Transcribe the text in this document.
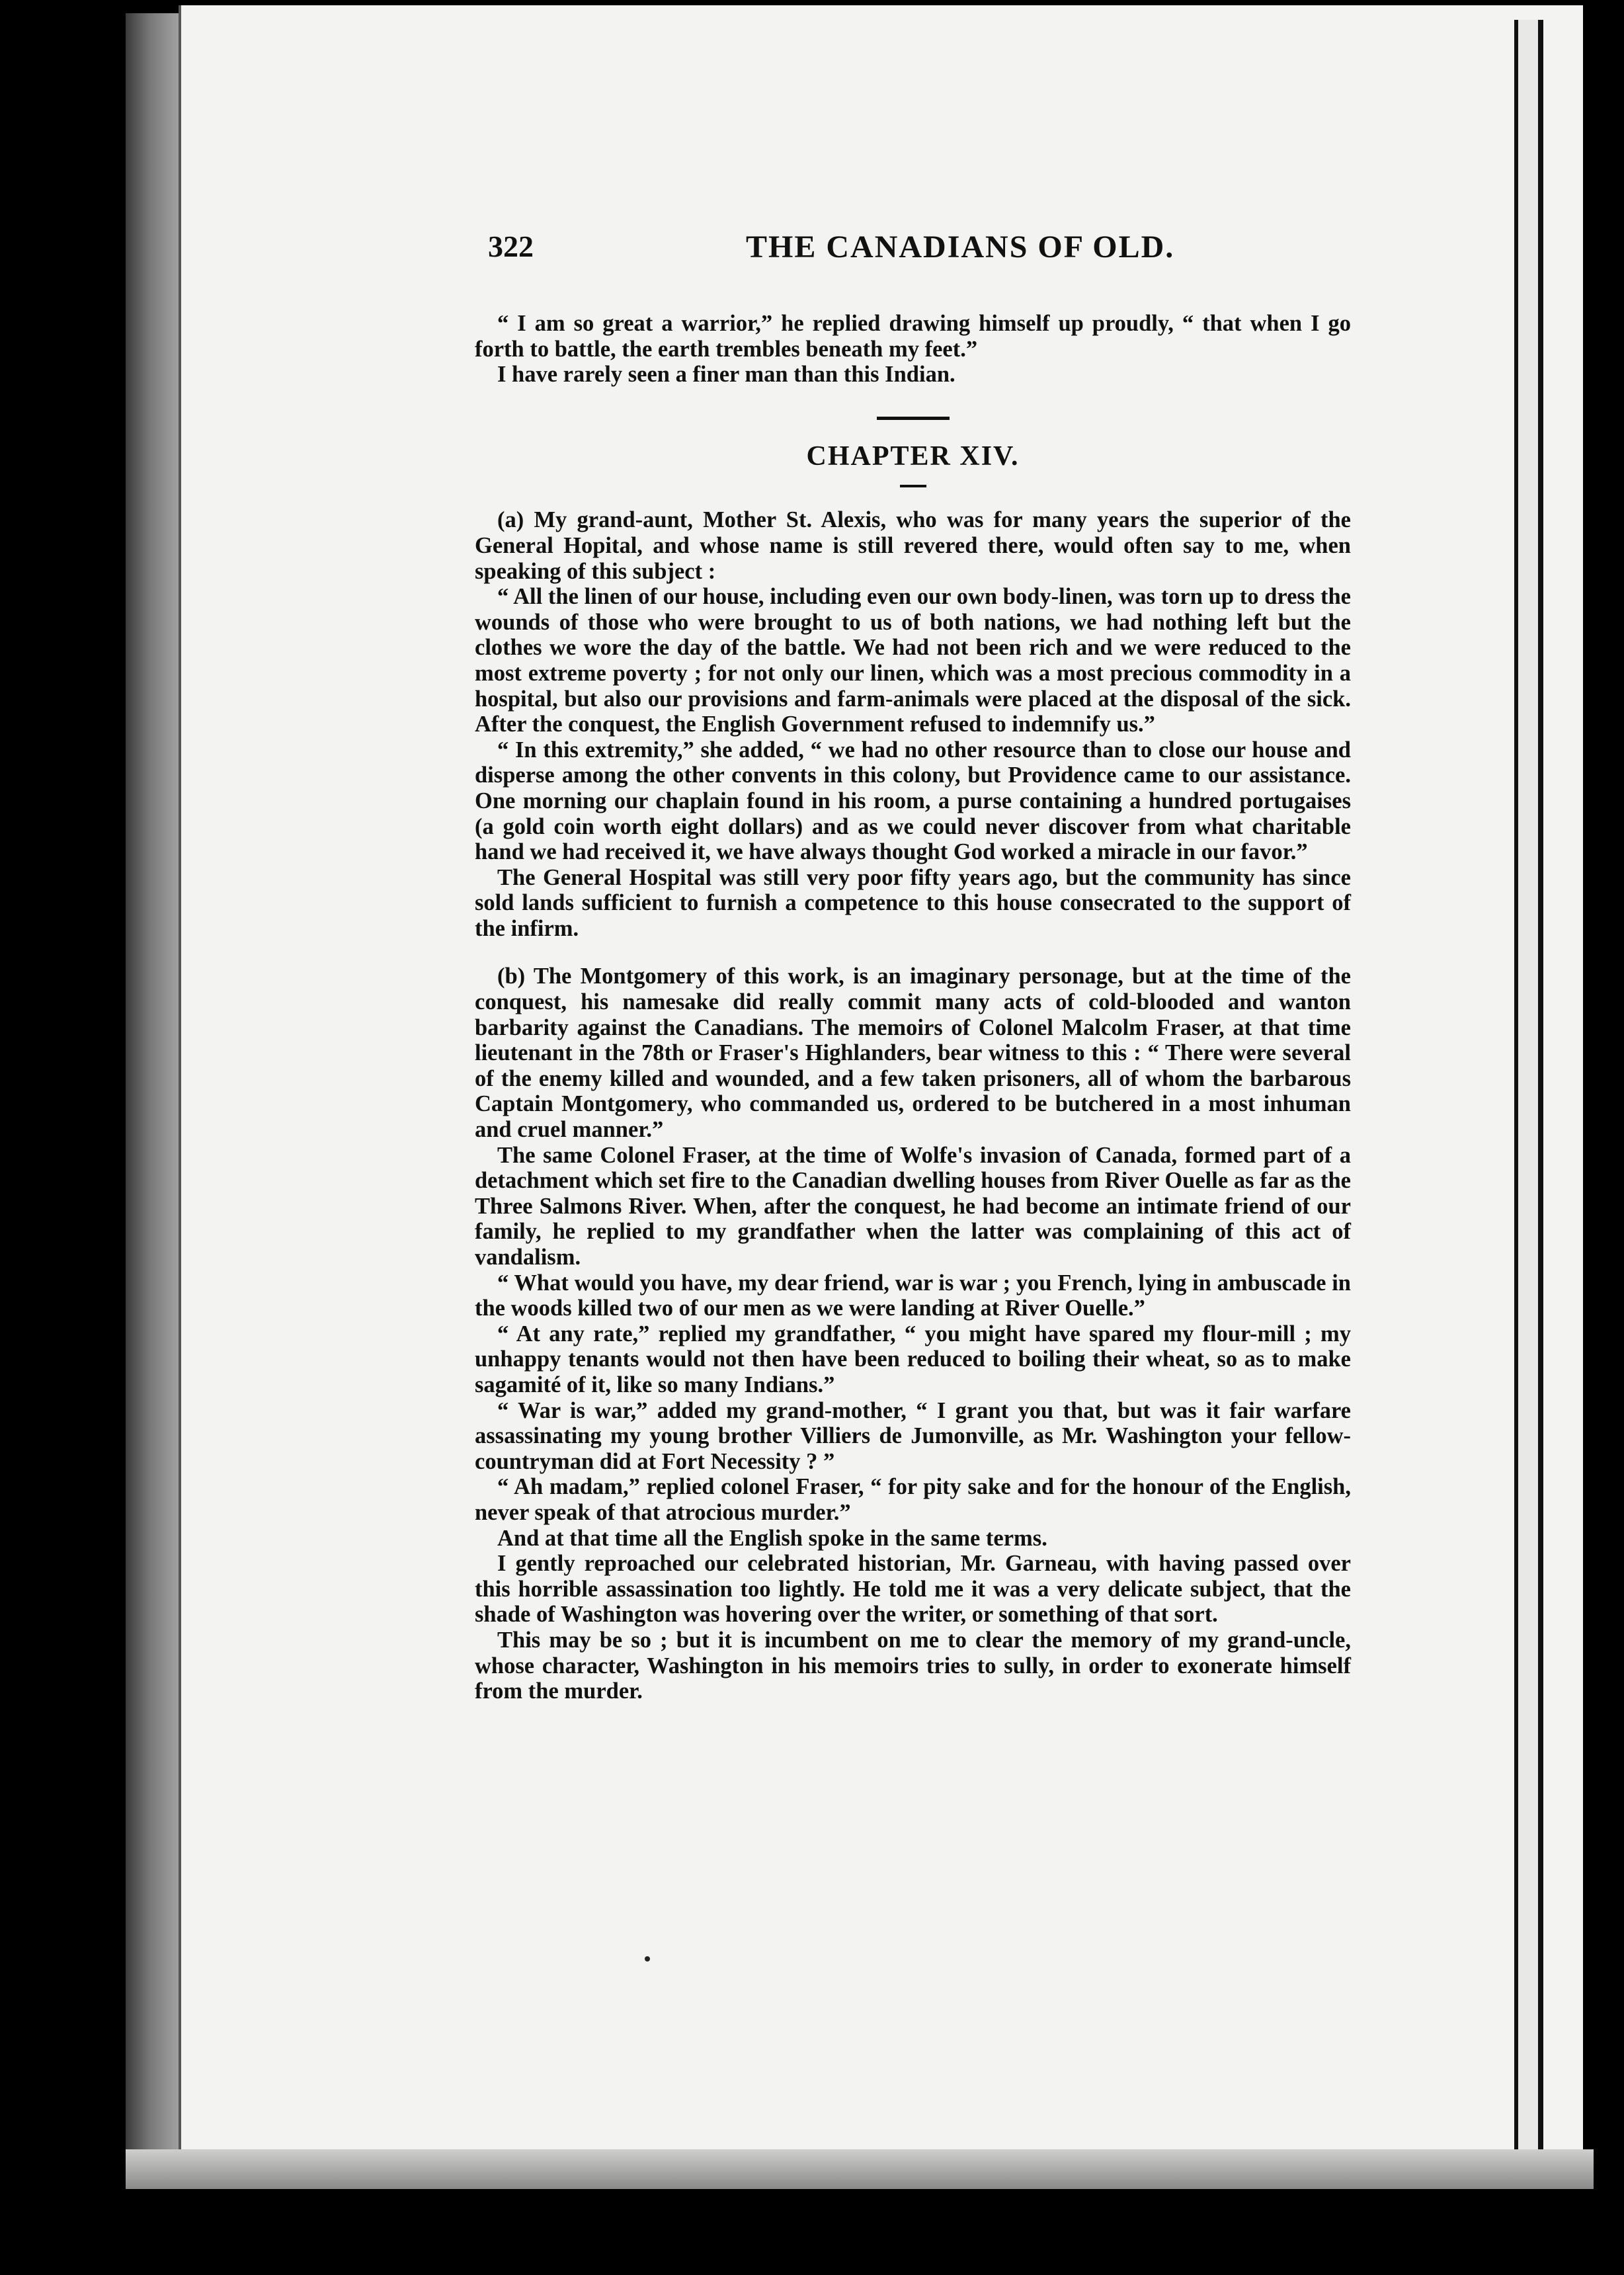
322	THE CANADIANS OF OLD.

“ I am so great a warrior,” he replied drawing himself up proudly, “ that when I go forth to battle, the earth trembles beneath my feet.”

I have rarely seen a finer man than this Indian.

CHAPTER XIV.

(a) My grand-aunt, Mother St. Alexis, who was for many years the superior of the General Hopital, and whose name is still revered there, would often say to me, when speaking of this subject :

“ All the linen of our house, including even our own body-linen, was torn up to dress the wounds of those who were brought to us of both nations, we had nothing left but the clothes we wore the day of the battle. We had not been rich and we were reduced to the most extreme poverty ; for not only our linen, which was a most precious commodity in a hospital, but also our provisions and farm-animals were placed at the disposal of the sick. After the conquest, the English Government refused to indemnify us.”

“ In this extremity,” she added, “ we had no other resource than to close our house and disperse among the other convents in this colony, but Providence came to our assistance. One morning our chaplain found in his room, a purse containing a hundred portugaises (a gold coin worth eight dollars) and as we could never discover from what charitable hand we had received it, we have always thought God worked a miracle in our favor.”

The General Hospital was still very poor fifty years ago, but the community has since sold lands sufficient to furnish a competence to this house consecrated to the support of the infirm.

(b) The Montgomery of this work, is an imaginary personage, but at the time of the conquest, his namesake did really commit many acts of cold-blooded and wanton barbarity against the Canadians. The memoirs of Colonel Malcolm Fraser, at that time lieutenant in the 78th or Fraser's Highlanders, bear witness to this : “ There were several of the enemy killed and wounded, and a few taken prisoners, all of whom the barbarous Captain Montgomery, who commanded us, ordered to be butchered in a most inhuman and cruel manner.”

The same Colonel Fraser, at the time of Wolfe's invasion of Canada, formed part of a detachment which set fire to the Canadian dwelling houses from River Ouelle as far as the Three Salmons River. When, after the conquest, he had become an intimate friend of our family, he replied to my grandfather when the latter was complaining of this act of vandalism.

“ What would you have, my dear friend, war is war ; you French, lying in ambuscade in the woods killed two of our men as we were landing at River Ouelle.”

“ At any rate,” replied my grandfather, “ you might have spared my flour-mill ; my unhappy tenants would not then have been reduced to boiling their wheat, so as to make sagamité of it, like so many Indians.”

“ War is war,” added my grand-mother, “ I grant you that, but was it fair warfare assassinating my young brother Villiers de Jumonville, as Mr. Washington your fellow-countryman did at Fort Necessity ? ”

“ Ah madam,” replied colonel Fraser, “ for pity sake and for the honour of the English, never speak of that atrocious murder.”

And at that time all the English spoke in the same terms.

I gently reproached our celebrated historian, Mr. Garneau, with having passed over this horrible assassination too lightly. He told me it was a very delicate subject, that the shade of Washington was hovering over the writer, or something of that sort.

This may be so ; but it is incumbent on me to clear the memory of my grand-uncle, whose character, Washington in his memoirs tries to sully, in order to exonerate himself from the murder.
